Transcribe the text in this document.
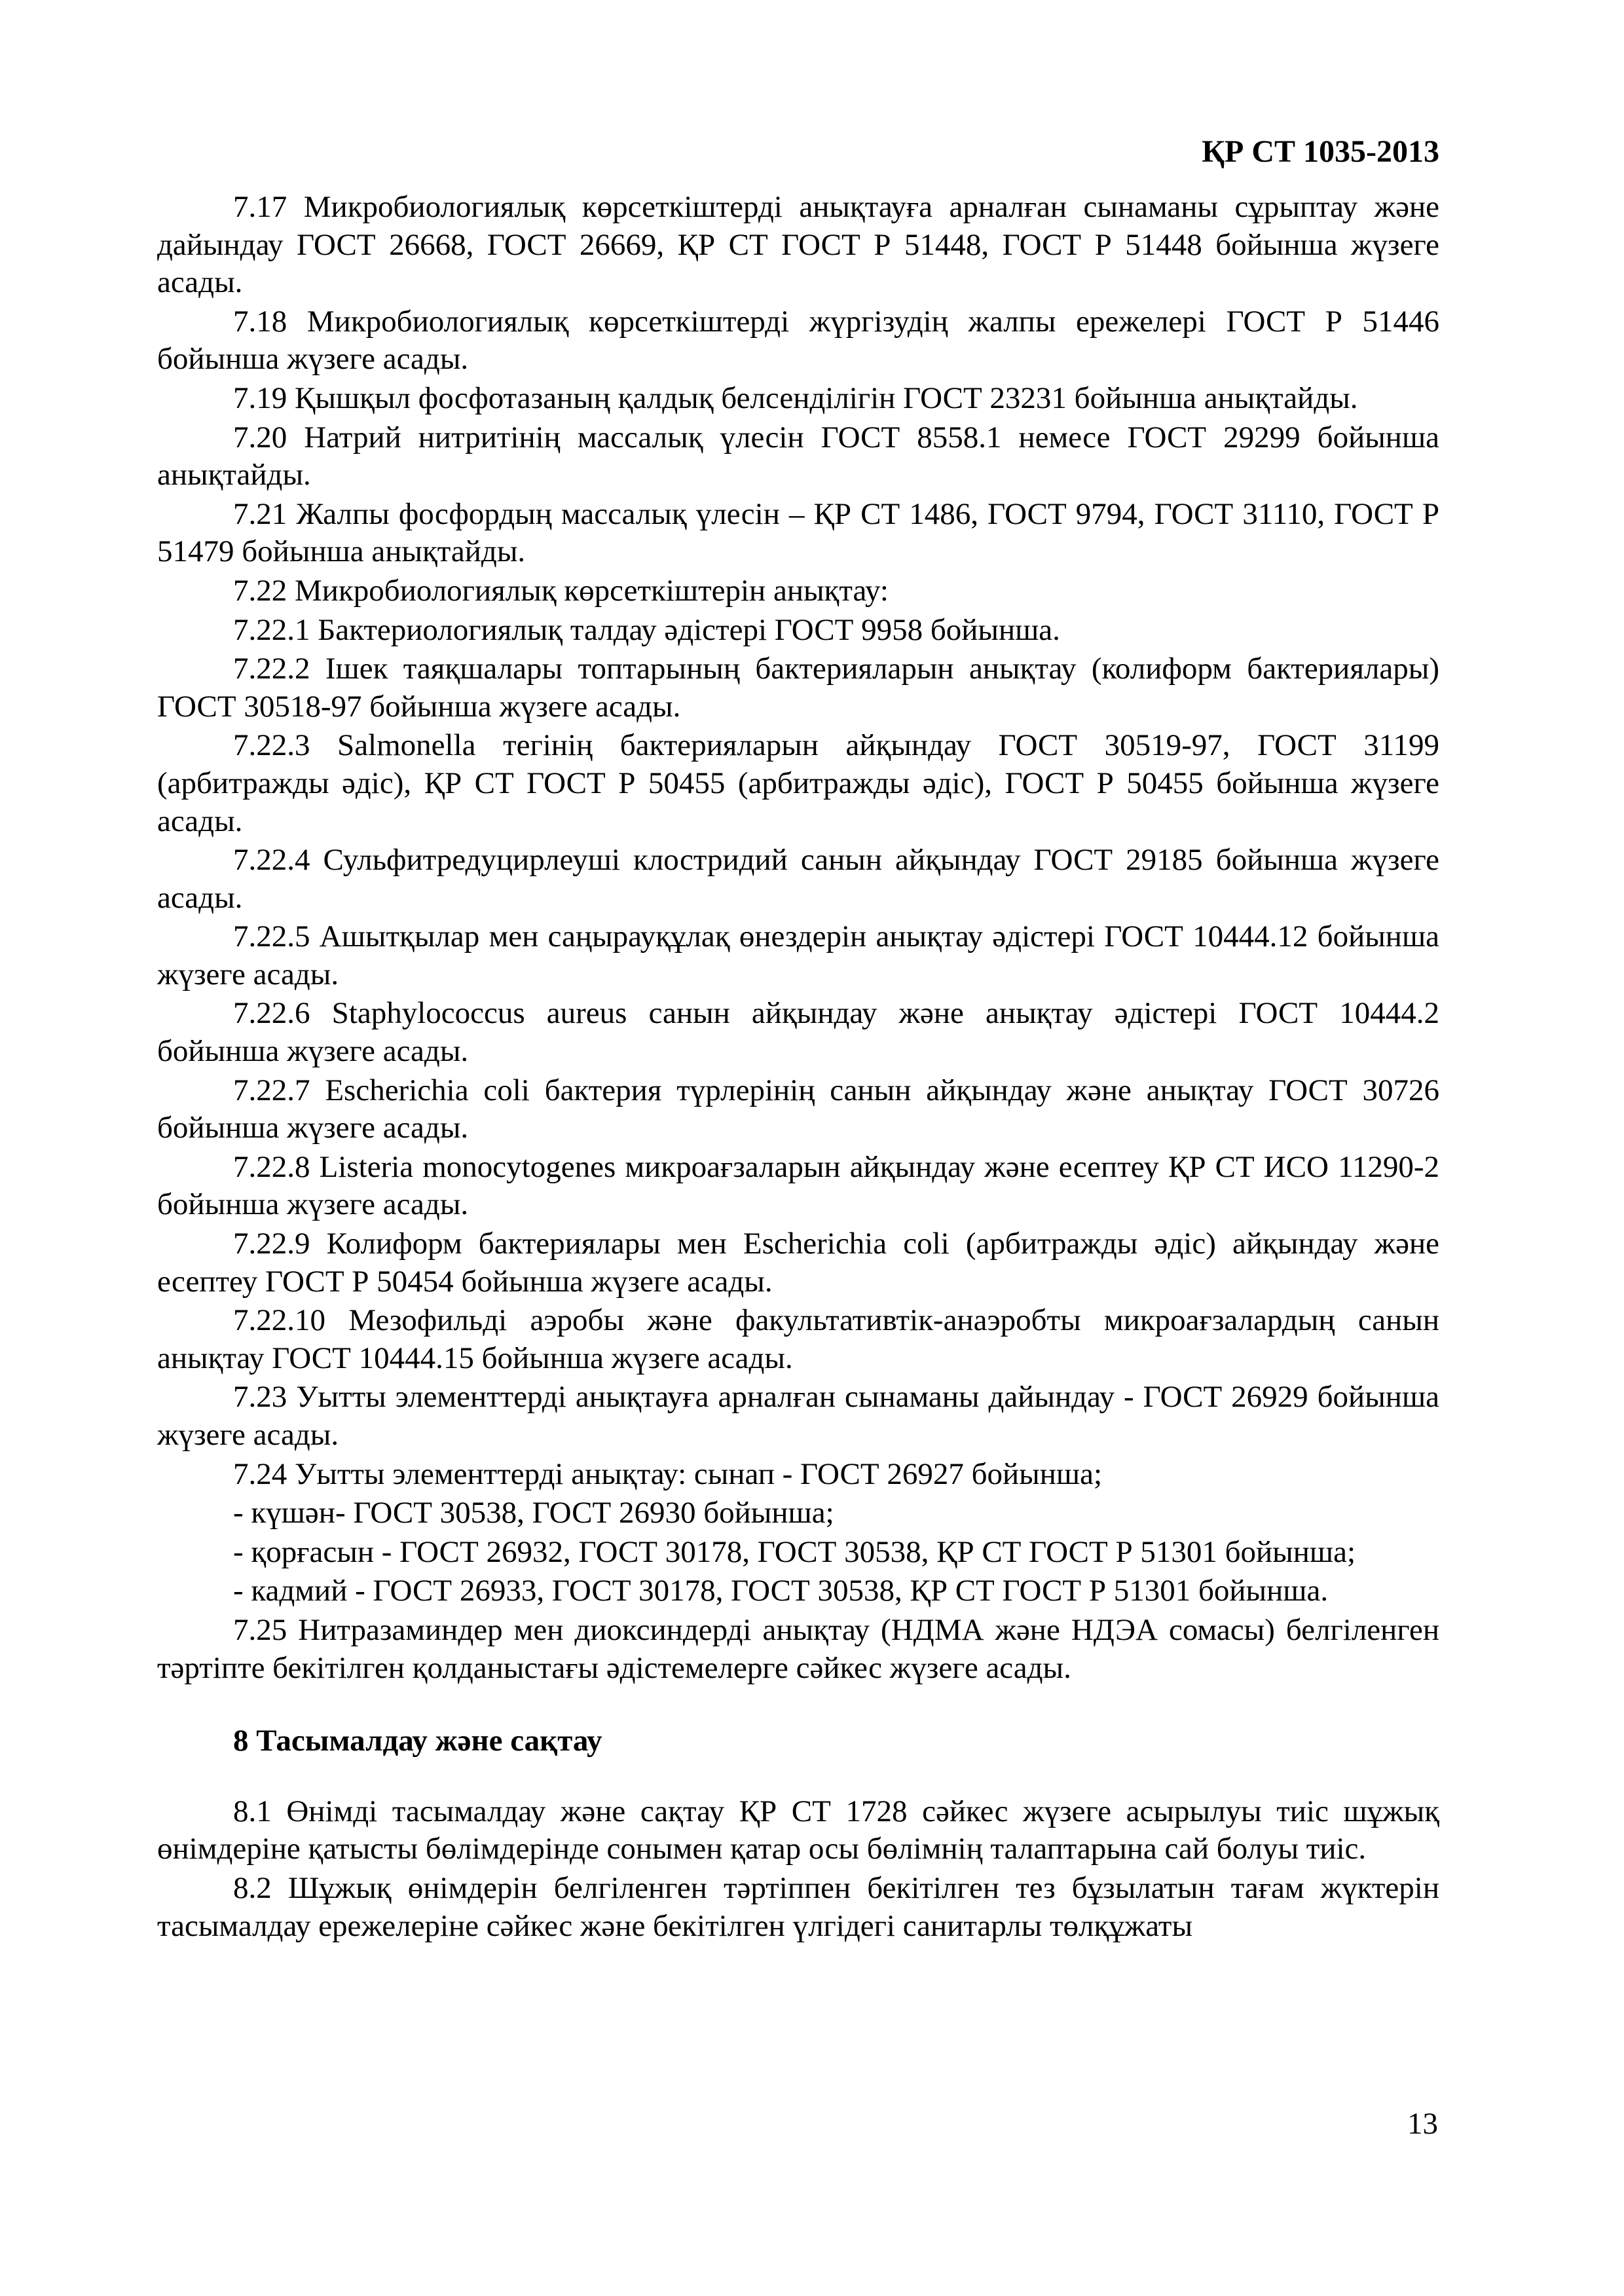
ҚР СТ 1035-2013

7.17 Микробиологиялық көрсеткіштерді анықтауға арналған сынаманы сұрыптау және дайындау ГОСТ 26668, ГОСТ 26669, ҚР СТ ГОСТ Р 51448, ГОСТ Р 51448 бойынша жүзеге асады.

7.18 Микробиологиялық көрсеткіштерді жүргізудің жалпы ережелері ГОСТ Р 51446 бойынша жүзеге асады.

7.19 Қышқыл фосфотазаның қалдық белсенділігін ГОСТ 23231 бойынша анықтайды.

7.20 Натрий нитритінің массалық үлесін ГОСТ 8558.1 немесе ГОСТ 29299 бойынша анықтайды.

7.21 Жалпы фосфордың массалық үлесін – ҚР СТ 1486, ГОСТ 9794, ГОСТ 31110, ГОСТ Р 51479 бойынша анықтайды.

7.22 Микробиологиялық көрсеткіштерін анықтау:

7.22.1 Бактериологиялық талдау әдістері ГОСТ 9958 бойынша.

7.22.2 Ішек таяқшалары топтарының бактерияларын анықтау (колиформ бактериялары) ГОСТ 30518-97 бойынша жүзеге асады.

7.22.3 Salmonella тегінің бактерияларын айқындау ГОСТ 30519-97, ГОСТ 31199 (арбитражды әдіс), ҚР СТ ГОСТ Р 50455 (арбитражды әдіс), ГОСТ Р 50455 бойынша жүзеге асады.

7.22.4 Сульфитредуцирлеуші клостридий санын айқындау ГОСТ 29185 бойынша жүзеге асады.

7.22.5 Ашытқылар мен саңырауқұлақ өнездерін анықтау әдістері ГОСТ 10444.12 бойынша жүзеге асады.

7.22.6 Staphylococcus aureus санын айқындау және анықтау әдістері ГОСТ 10444.2 бойынша жүзеге асады.

7.22.7 Escherichia coli бактерия түрлерінің санын айқындау және анықтау ГОСТ 30726 бойынша жүзеге асады.

7.22.8 Listeria monocytogenes микроағзаларын айқындау және есептеу ҚР СТ ИСО 11290-2 бойынша жүзеге асады.

7.22.9 Колиформ бактериялары мен Escherichia coli (арбитражды әдіс) айқындау және есептеу ГОСТ Р 50454 бойынша жүзеге асады.

7.22.10 Мезофильді аэробы және факультативтік-анаэробты микроағзалардың санын анықтау ГОСТ 10444.15 бойынша жүзеге асады.

7.23 Уытты элементтерді анықтауға арналған сынаманы дайындау - ГОСТ 26929 бойынша жүзеге асады.

7.24 Уытты элементтерді анықтау: сынап - ГОСТ 26927 бойынша;

- күшән- ГОСТ 30538, ГОСТ 26930 бойынша;

- қорғасын - ГОСТ 26932, ГОСТ 30178, ГОСТ 30538, ҚР СТ ГОСТ Р 51301 бойынша;

- кадмий - ГОСТ 26933, ГОСТ 30178, ГОСТ 30538, ҚР СТ ГОСТ Р 51301 бойынша.

7.25 Нитразаминдер мен диоксиндерді анықтау (НДМА және НДЭА сомасы) белгіленген тәртіпте бекітілген қолданыстағы әдістемелерге сәйкес жүзеге асады.

8 Тасымалдау және сақтау

8.1 Өнімді тасымалдау және сақтау ҚР СТ 1728 сәйкес жүзеге асырылуы тиіс шұжық өнімдеріне қатысты бөлімдерінде сонымен қатар осы бөлімнің талаптарына сай болуы тиіс.

8.2 Шұжық өнімдерін белгіленген тәртіппен бекітілген тез бұзылатын тағам жүктерін тасымалдау ережелеріне сәйкес және бекітілген үлгідегі санитарлы төлқұжаты

13
